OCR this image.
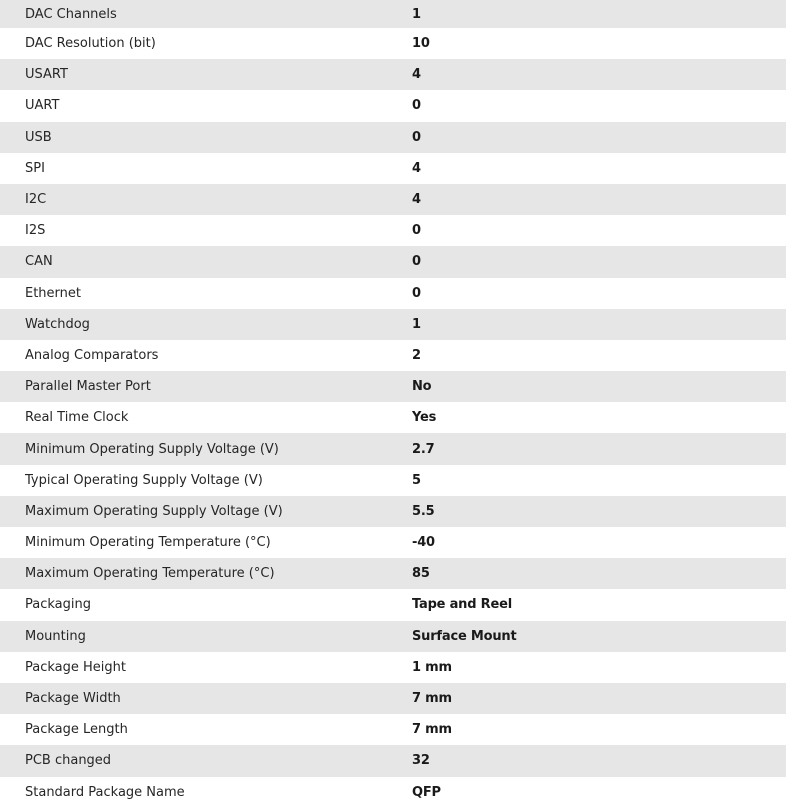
DAC Channels	1
DAC Resolution (bit)	10
USART	4
UART	0
USB	0
SPI	4
I2C	4
I2S	0
CAN	0
Ethernet	0
Watchdog	1
Analog Comparators	2
Parallel Master Port	No
Real Time Clock	Yes
Minimum Operating Supply Voltage (V)	2.7
Typical Operating Supply Voltage (V)	5
Maximum Operating Supply Voltage (V)	5.5
Minimum Operating Temperature (°C)	-40
Maximum Operating Temperature (°C)	85
Packaging	Tape and Reel
Mounting	Surface Mount
Package Height	1 mm
Package Width	7 mm
Package Length	7 mm
PCB changed	32
Standard Package Name	QFP
